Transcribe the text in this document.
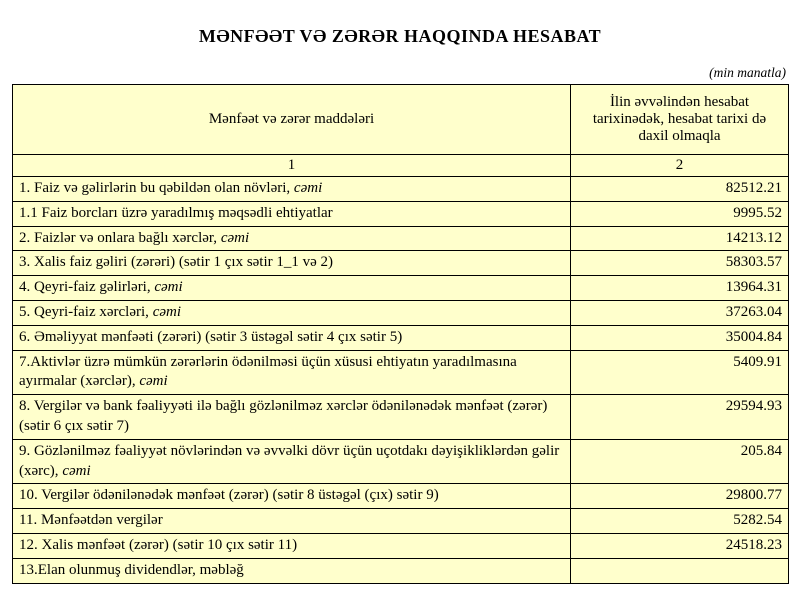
MƏNFƏƏT VƏ ZƏRƏR HAQQINDA HESABAT
(min manatla)
Mənfəət və zərər maddələri	İlin əvvəlindən hesabat tarixinədək, hesabat tarixi də daxil olmaqla
1	2
1. Faiz və gəlirlərin bu qəbildən olan növləri, cəmi	82512.21
1.1 Faiz borcları üzrə yaradılmış məqsədli ehtiyatlar	9995.52
2. Faizlər və onlara bağlı xərclər, cəmi	14213.12
3. Xalis faiz gəliri (zərəri) (sətir 1 çıx sətir 1_1 və 2)	58303.57
4. Qeyri-faiz gəlirləri, cəmi	13964.31
5. Qeyri-faiz xərcləri, cəmi	37263.04
6. Əməliyyat mənfəəti (zərəri) (sətir 3 üstəgəl sətir 4 çıx sətir 5)	35004.84
7.Aktivlər üzrə mümkün zərərlərin ödənilməsi üçün xüsusi ehtiyatın yaradılmasına ayırmalar (xərclər), cəmi	5409.91
8. Vergilər və bank fəaliyyəti ilə bağlı gözlənilməz xərclər ödənilənədək mənfəət (zərər) (sətir 6 çıx sətir 7)	29594.93
9. Gözlənilməz fəaliyyət növlərindən və əvvəlki dövr üçün uçotdakı dəyişikliklərdən gəlir (xərc), cəmi	205.84
10. Vergilər ödənilənədək mənfəət (zərər) (sətir 8 üstəgəl (çıx) sətir 9)	29800.77
11. Mənfəətdən vergilər	5282.54
12. Xalis mənfəət (zərər) (sətir 10 çıx sətir 11)	24518.23
13.Elan olunmuş dividendlər, məbləğ	
